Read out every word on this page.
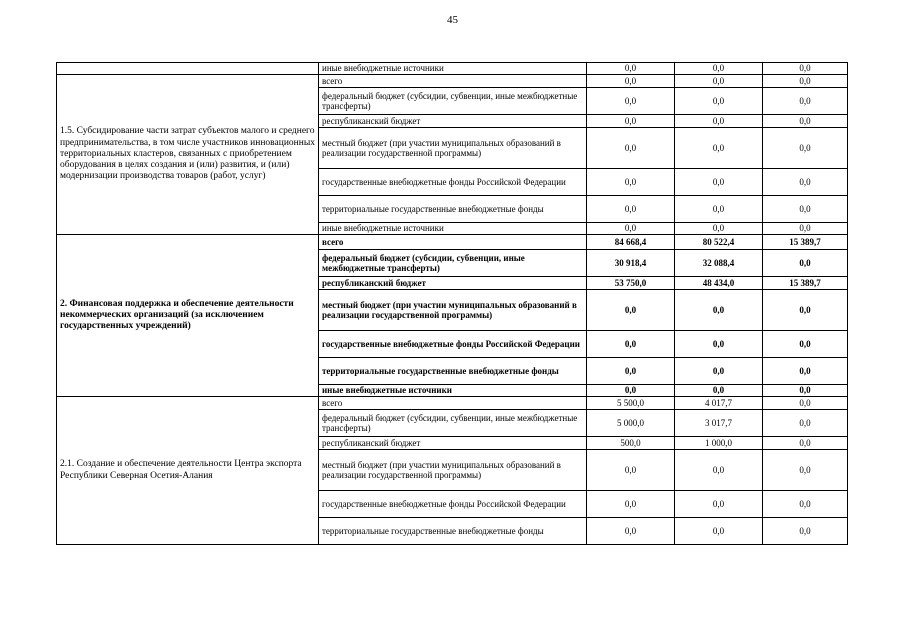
45
	иные внебюджетные источники	0,0	0,0	0,0
1.5. Субсидирование части затрат субъектов малого и среднего предпринимательства, в том числе участников инновационных территориальных кластеров, связанных с приобретением оборудования в целях создания и (или) развития, и (или) модернизации производства товаров (работ, услуг)	всего	0,0	0,0	0,0
	федеральный бюджет (субсидии, субвенции, иные межбюджетные трансферты)	0,0	0,0	0,0
	республиканский бюджет	0,0	0,0	0,0
	местный бюджет (при участии муниципальных образований в реализации государственной программы)	0,0	0,0	0,0
	государственные внебюджетные фонды Российской Федерации	0,0	0,0	0,0
	территориальные государственные внебюджетные фонды	0,0	0,0	0,0
	иные внебюджетные источники	0,0	0,0	0,0
2. Финансовая поддержка и обеспечение деятельности некоммерческих организаций (за исключением государственных учреждений)	всего	84 668,4	80 522,4	15 389,7
	федеральный бюджет (субсидии, субвенции, иные межбюджетные трансферты)	30 918,4	32 088,4	0,0
	республиканский бюджет	53 750,0	48 434,0	15 389,7
	местный бюджет (при участии муниципальных образований в реализации государственной программы)	0,0	0,0	0,0
	государственные внебюджетные фонды Российской Федерации	0,0	0,0	0,0
	территориальные государственные внебюджетные фонды	0,0	0,0	0,0
	иные внебюджетные источники	0,0	0,0	0,0
2.1. Создание и обеспечение деятельности Центра экспорта Республики Северная Осетия-Алания	всего	5 500,0	4 017,7	0,0
	федеральный бюджет (субсидии, субвенции, иные межбюджетные трансферты)	5 000,0	3 017,7	0,0
	республиканский бюджет	500,0	1 000,0	0,0
	местный бюджет (при участии муниципальных образований в реализации государственной программы)	0,0	0,0	0,0
	государственные внебюджетные фонды Российской Федерации	0,0	0,0	0,0
	территориальные государственные внебюджетные фонды	0,0	0,0	0,0
